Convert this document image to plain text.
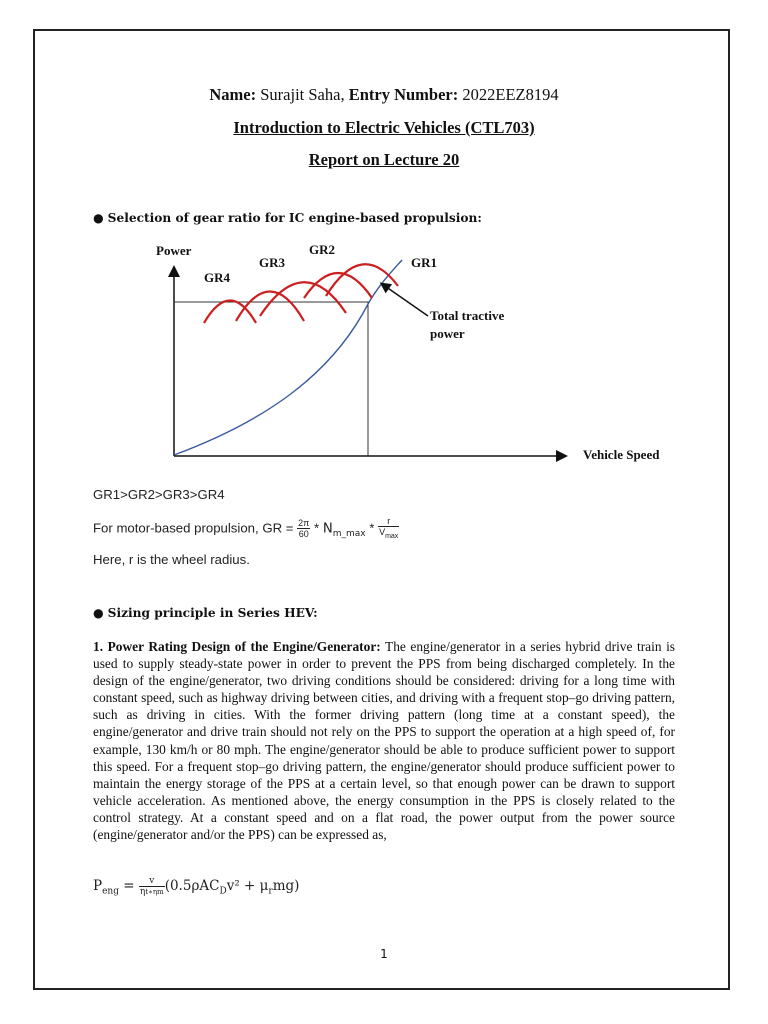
Name: Surajit Saha, Entry Number: 2022EEZ8194
Introduction to Electric Vehicles (CTL703)
Report on Lecture 20
● Selection of gear ratio for IC engine-based propulsion:
Power
Vehicle Speed
GR4
GR3
GR2
GR1
Total tractive
power
GR1>GR2>GR3>GR4
For motor-based propulsion, GR = $\frac{2\pi}{60} * N_{m\_max} * \frac{r}{V_{max}}$
Here, r is the wheel radius.
● Sizing principle in Series HEV:
1. Power Rating Design of the Engine/Generator: The engine/generator in a series hybrid drive train is used to supply steady-state power in order to prevent the PPS from being discharged completely. In the design of the engine/generator, two driving conditions should be considered: driving for a long time with constant speed, such as highway driving between cities, and driving with a frequent stop–go driving pattern, such as driving in cities. With the former driving pattern (long time at a constant speed), the engine/generator and drive train should not rely on the PPS to support the operation at a high speed of, for example, 130 km/h or 80 mph. The engine/generator should be able to produce sufficient power to support this speed. For a frequent stop–go driving pattern, the engine/generator should produce sufficient power to maintain the energy storage of the PPS at a certain level, so that enough power can be drawn to support vehicle acceleration. As mentioned above, the energy consumption in the PPS is closely related to the control strategy. At a constant speed and on a flat road, the power output from the power source (engine/generator and/or the PPS) can be expressed as,
$P_{eng} = \frac{v}{\eta t∗\eta m} (0.5\rho AC_Dv^2 + \mu_rmg)$
1
